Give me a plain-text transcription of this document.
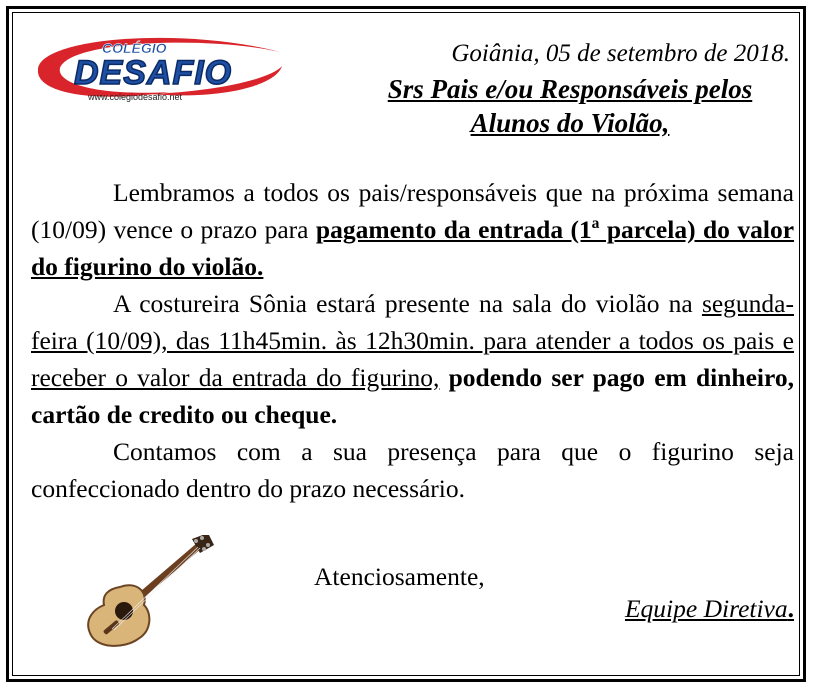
COLÉGIO
DESAFIO
www.colegiodesafio.net
Goiânia, 05 de setembro de 2018.
Srs Pais e/ou Responsáveis pelos
Alunos do Violão,

Lembramos a todos os pais/responsáveis que na próxima semana (10/09) vence o prazo para pagamento da entrada (1ª parcela) do valor do figurino do violão.

A costureira Sônia estará presente na sala do violão na segunda-feira (10/09), das 11h45min. às 12h30min. para atender a todos os pais e receber o valor da entrada do figurino, podendo ser pago em dinheiro, cartão de credito ou cheque.

Contamos com a sua presença para que o figurino seja confeccionado dentro do prazo necessário.

Atenciosamente,
Equipe Diretiva.
